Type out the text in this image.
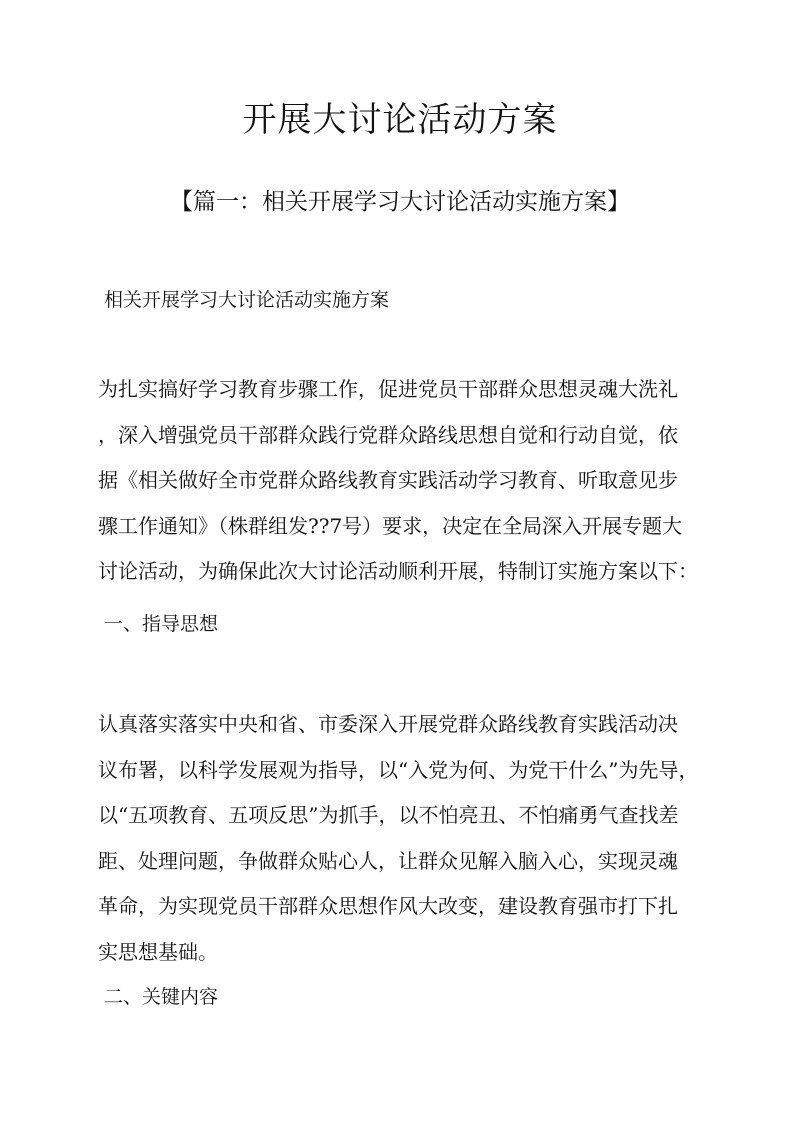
开展大讨论活动方案
【篇一：相关开展学习大讨论活动实施方案】

相关开展学习大讨论活动实施方案

为扎实搞好学习教育步骤工作，促进党员干部群众思想灵魂大洗礼
，深入增强党员干部群众践行党群众路线思想自觉和行动自觉，依
据《相关做好全市党群众路线教育实践活动学习教育、听取意见步
骤工作通知》（株群组发??7号）要求，决定在全局深入开展专题大
讨论活动，为确保此次大讨论活动顺利开展，特制订实施方案以下：

一、指导思想

认真落实落实中央和省、市委深入开展党群众路线教育实践活动决
议布署，以科学发展观为指导，以“入党为何、为党干什么”为先导，
以“五项教育、五项反思”为抓手，以不怕亮丑、不怕痛勇气查找差
距、处理问题，争做群众贴心人，让群众见解入脑入心，实现灵魂
革命，为实现党员干部群众思想作风大改变，建设教育强市打下扎
实思想基础。

二、关键内容
